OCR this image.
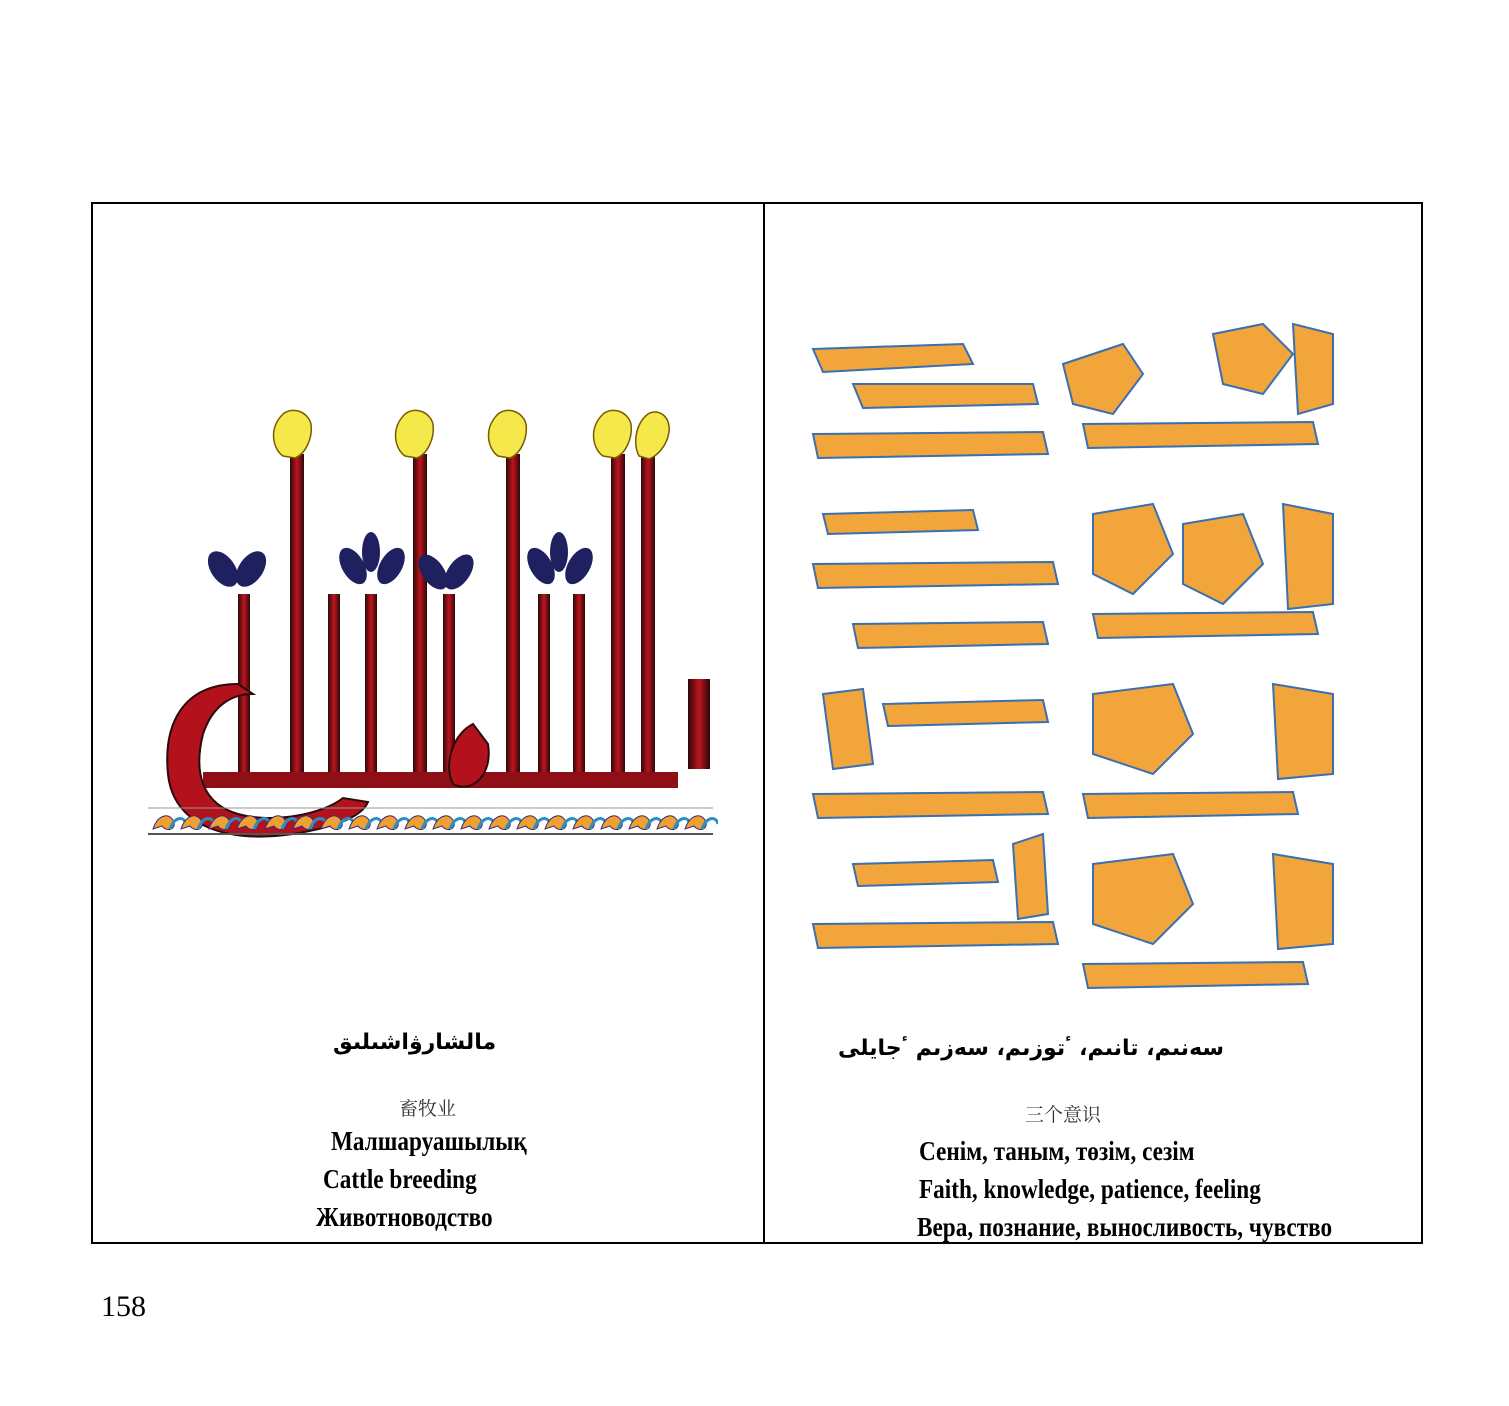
مالشارۋاشىلىق
畜牧业
Малшаруашылық
Cattle breeding
Животноводство
سەنىم، تانىم، ٴتوزىم، سەزىم ٴجايلى
三个意识
Сенім, таным, төзім, сезім
Faith, knowledge, patience, feeling
Вера, познание, выносливость, чувство
158
